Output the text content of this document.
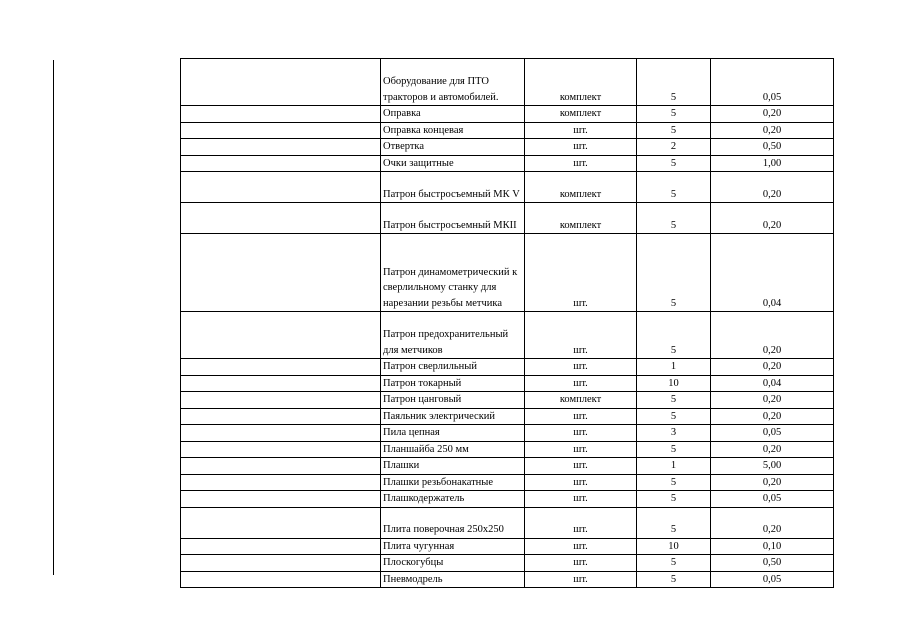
	Оборудование для ПТО тракторов и автомобилей.	комплект	5	0,05

	Оправка	комплект	5	0,20

	Оправка концевая	шт.	5	0,20

	Отвертка	шт.	2	0,50

	Очки защитные	шт.	5	1,00

	Патрон быстросъемный МК V	комплект	5	0,20

	Патрон быстросъемный МКII	комплект	5	0,20

	Патрон динамометрический к сверлильному станку для нарезании резьбы метчика	шт.	5	0,04

	Патрон предохранительный для метчиков	шт.	5	0,20

	Патрон сверлильный	шт.	1	0,20

	Патрон токарный	шт.	10	0,04

	Патрон цанговый	комплект	5	0,20

	Паяльник электрический	шт.	5	0,20

	Пила цепная	шт.	3	0,05

	Планшайба 250 мм	шт.	5	0,20

	Плашки	шт.	1	5,00

	Плашки резьбонакатные	шт.	5	0,20

	Плашкодержатель	шт.	5	0,05

	Плита поверочная 250х250	шт.	5	0,20

	Плита чугунная	шт.	10	0,10

	Плоскогубцы	шт.	5	0,50

	Пневмодрель	шт.	5	0,05
